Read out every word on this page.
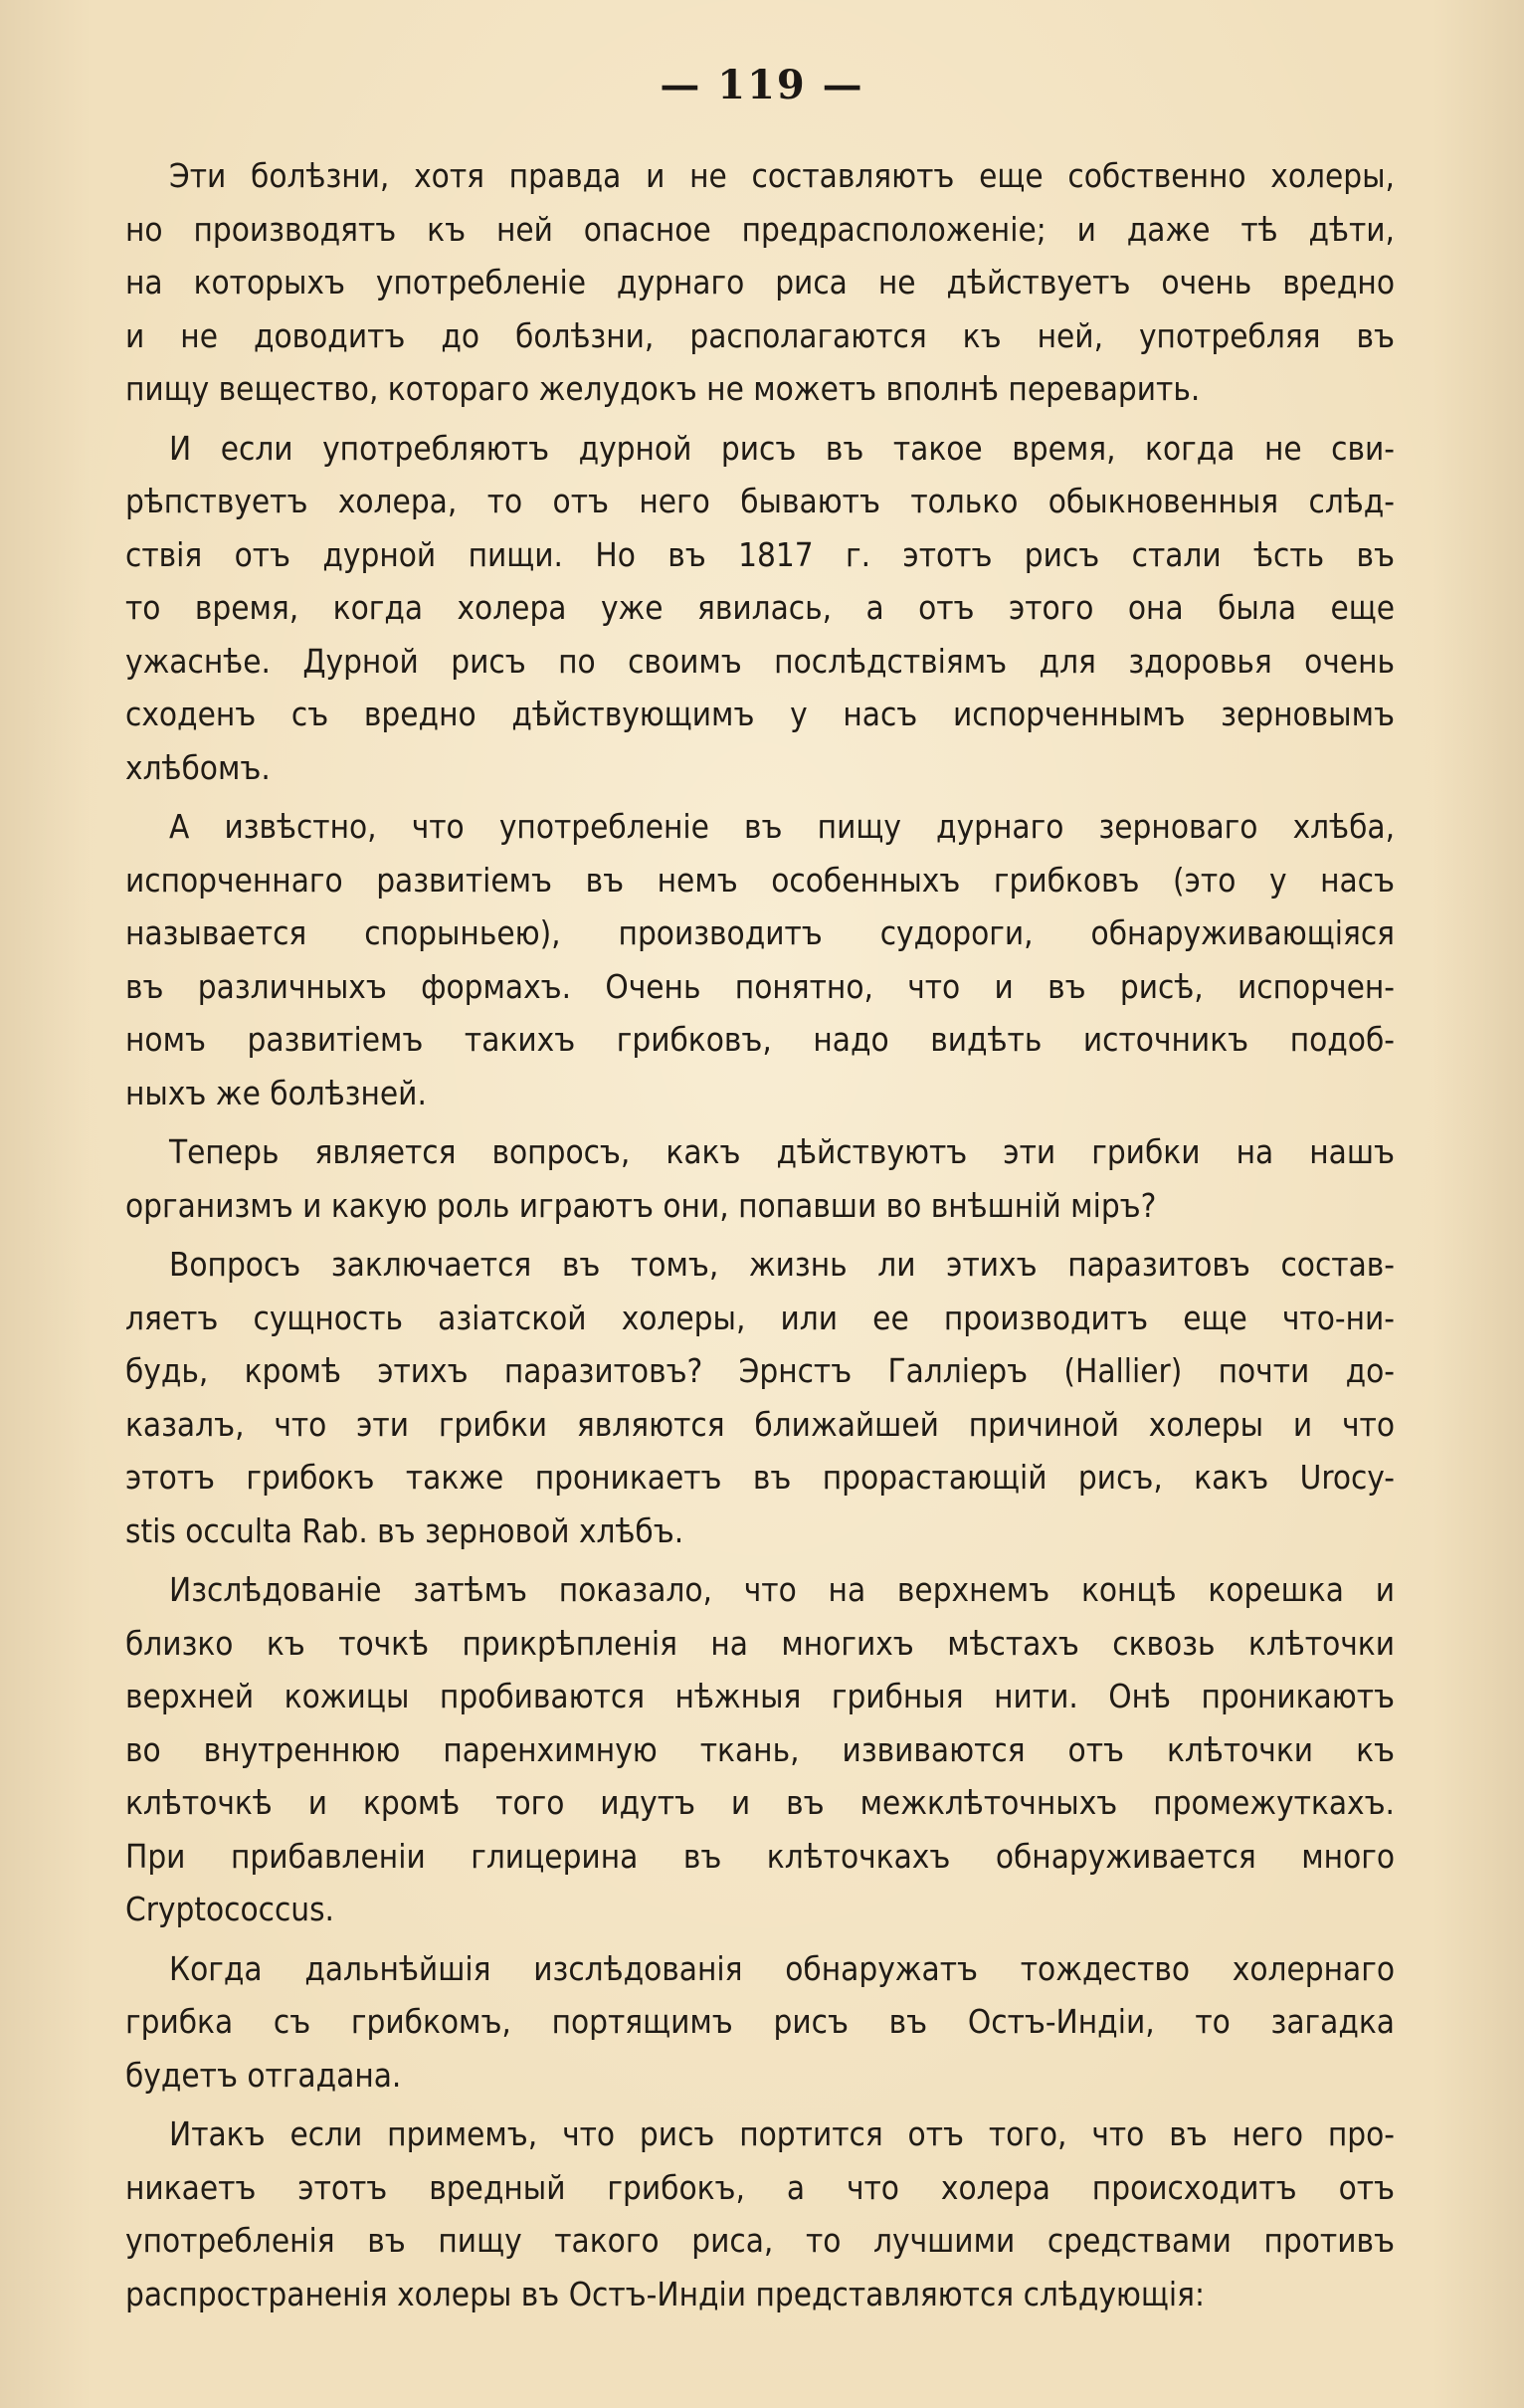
— 119 —
Эти болѣзни, хотя правда и не составляютъ еще собственно холеры,
но производятъ къ ней опасное предрасположенiе; и даже тѣ дѣти,
на которыхъ употребленiе дурнаго риса не дѣйствуетъ очень вредно
и не доводитъ до болѣзни, располагаются къ ней, употребляя въ
пищу вещество, котораго желудокъ не можетъ вполнѣ переварить.
И если употребляютъ дурной рисъ въ такое время, когда не сви-
рѣпствуетъ холера, то отъ него бываютъ только обыкновенныя слѣд-
ствiя отъ дурной пищи. Но въ 1817 г. этотъ рисъ стали ѣсть въ
то время, когда холера уже явилась, а отъ этого она была еще
ужаснѣе. Дурной рисъ по своимъ послѣдствiямъ для здоровья очень
сходенъ съ вредно дѣйствующимъ у насъ испорченнымъ зерновымъ
хлѣбомъ.
А извѣстно, что употребленiе въ пищу дурнаго зерноваго хлѣба,
испорченнаго развитiемъ въ немъ особенныхъ грибковъ (это у насъ
называется спорыньею), производитъ судороги, обнаруживающiяся
въ различныхъ формахъ. Очень понятно, что и въ рисѣ, испорчен-
номъ развитiемъ такихъ грибковъ, надо видѣть источникъ подоб-
ныхъ же болѣзней.
Теперь является вопросъ, какъ дѣйствуютъ эти грибки на нашъ
организмъ и какую роль играютъ они, попавши во внѣшнiй мiръ?
Вопросъ заключается въ томъ, жизнь ли этихъ паразитовъ состав-
ляетъ сущность азiатской холеры, или ее производитъ еще что-ни-
будь, кромѣ этихъ паразитовъ? Эрнстъ Галлiеръ (Hallier) почти до-
казалъ, что эти грибки являются ближайшей причиной холеры и что
этотъ грибокъ также проникаетъ въ прорастающiй рисъ, какъ Urocy-
stis occulta Rab. въ зерновой хлѣбъ.
Изслѣдованiе затѣмъ показало, что на верхнемъ концѣ корешка и
близко къ точкѣ прикрѣпленiя на многихъ мѣстахъ сквозь клѣточки
верхней кожицы пробиваются нѣжныя грибныя нити. Онѣ проникаютъ
во внутреннюю паренхимную ткань, извиваются отъ клѣточки къ
клѣточкѣ и кромѣ того идутъ и въ межклѣточныхъ промежуткахъ.
При прибавленiи глицерина въ клѣточкахъ обнаруживается много
Cryptococcus.
Когда дальнѣйшiя изслѣдованiя обнаружатъ тождество холернаго
грибка съ грибкомъ, портящимъ рисъ въ Остъ-Индiи, то загадка
будетъ отгадана.
Итакъ если примемъ, что рисъ портится отъ того, что въ него про-
никаетъ этотъ вредный грибокъ, а что холера происходитъ отъ
употребленiя въ пищу такого риса, то лучшими средствами противъ
распространенiя холеры въ Остъ-Индiи представляются слѣдующiя:
